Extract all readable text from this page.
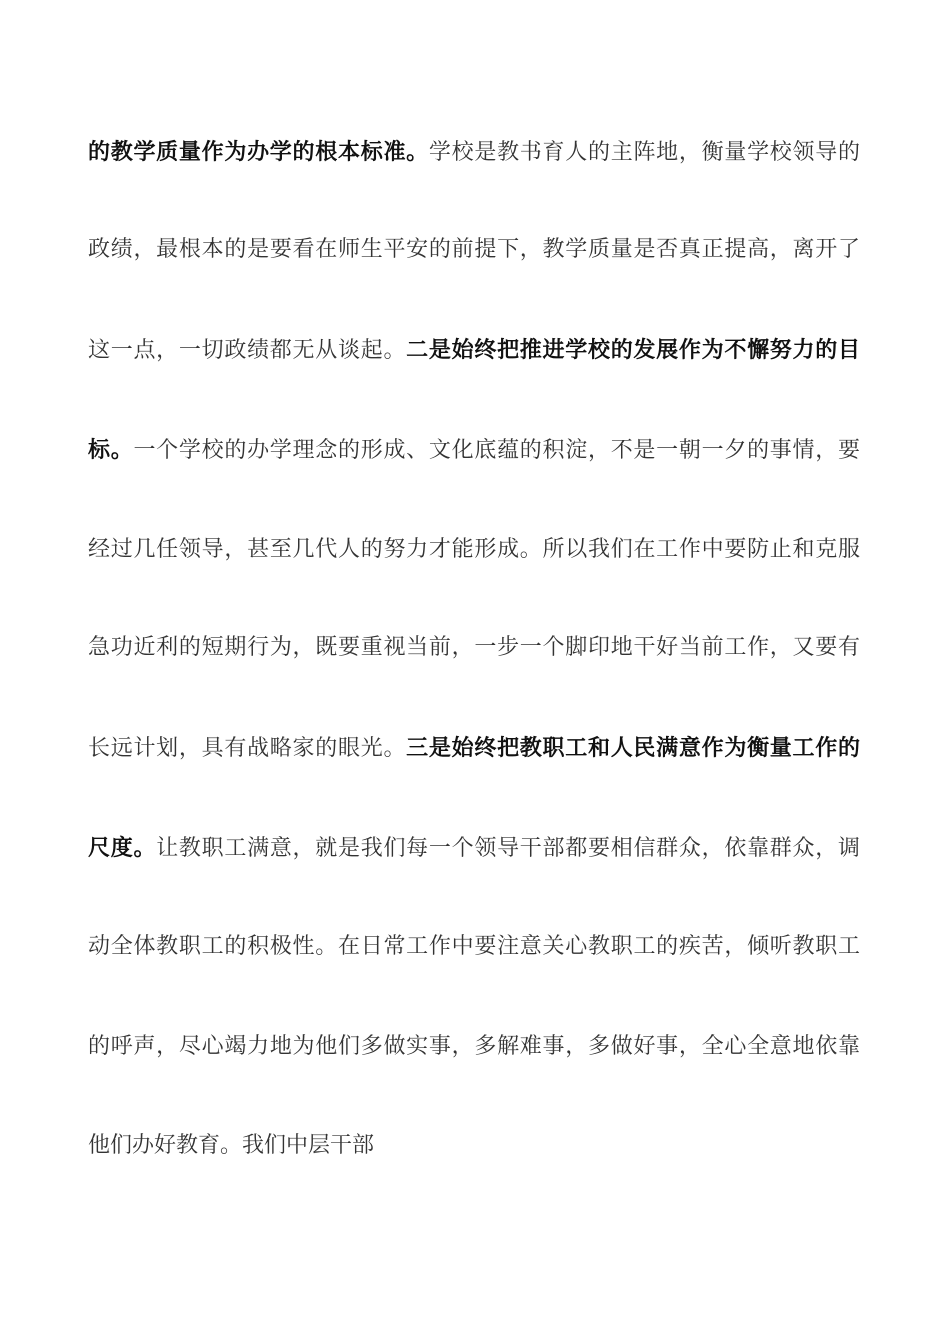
的教学质量作为办学的根本标准。学校是教书育人的主阵地，衡量学校领导的
政绩，最根本的是要看在师生平安的前提下，教学质量是否真正提高，离开了
这一点，一切政绩都无从谈起。二是始终把推进学校的发展作为不懈努力的目
标。一个学校的办学理念的形成、文化底蕴的积淀，不是一朝一夕的事情，要
经过几任领导，甚至几代人的努力才能形成。所以我们在工作中要防止和克服
急功近利的短期行为，既要重视当前，一步一个脚印地干好当前工作，又要有
长远计划，具有战略家的眼光。三是始终把教职工和人民满意作为衡量工作的
尺度。让教职工满意，就是我们每一个领导干部都要相信群众，依靠群众，调
动全体教职工的积极性。在日常工作中要注意关心教职工的疾苦，倾听教职工
的呼声，尽心竭力地为他们多做实事，多解难事，多做好事，全心全意地依靠
他们办好教育。我们中层干部
